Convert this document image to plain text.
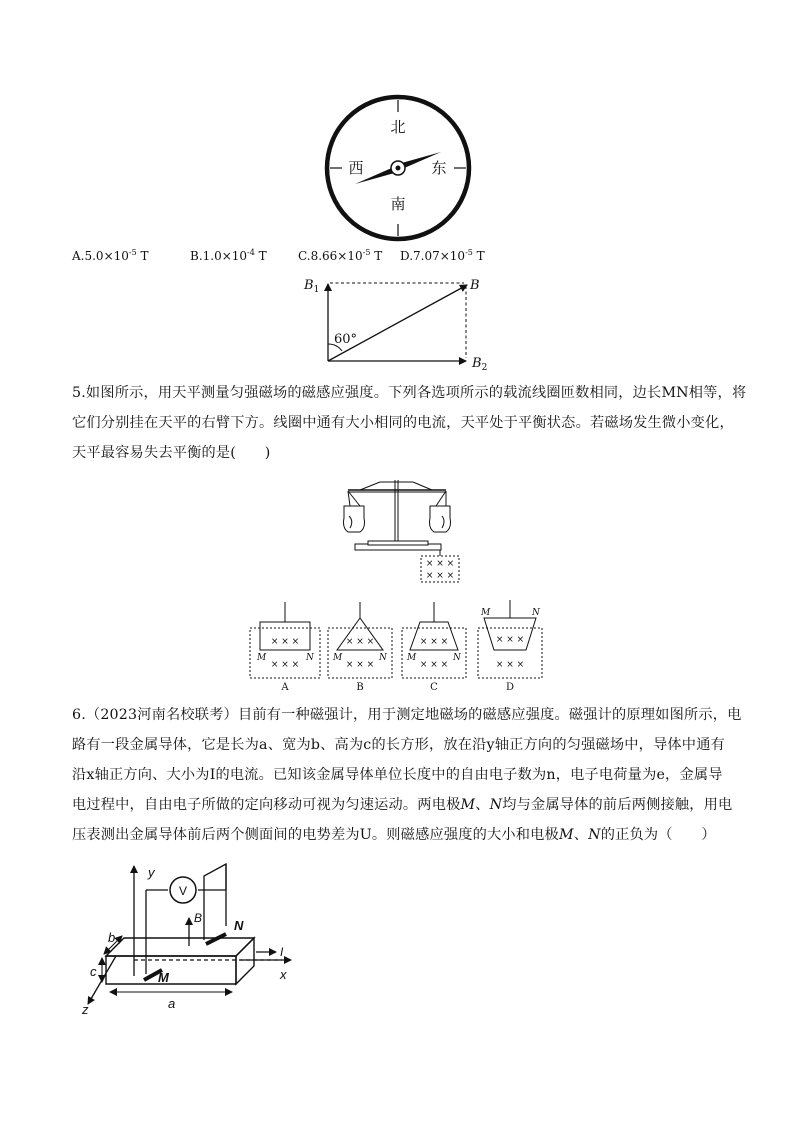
北
南
西	东
$A.5.0\times 10^{-5}$ T	$B.1.0\times 10^{-4}$ T	$C.8.66\times 10^{-5}$ T $D.7.07\times 10^{-5}$ T
$B_1$	B
$B_2$
60°
5.如图所示，用天平测量匀强磁场的磁感应强度。下列各选项所示的载流线圈匝数相同，边长MN相等，将
它们分别挂在天平的右臂下方。线圈中通有大小相同的电流，天平处于平衡状态。若磁场发生微小变化，
天平最容易失去平衡的是(　　)
× × ×
× × ×
× × ×
× × ×
M	N
A
× × ×
× × ×
M	N
B
× × ×
× × ×
M	N
C
× × ×
× × ×
M	N
D
6.（2023河南名校联考）目前有一种磁强计，用于测定地磁场的磁感应强度。磁强计的原理如图所示，电
路有一段金属导体，它是长为a、宽为b、高为c的长方形，放在沿y轴正方向的匀强磁场中，导体中通有
沿x轴正方向、大小为I的电流。已知该金属导体单位长度中的自由电子数为n，电子电荷量为e，金属导
电过程中，自由电子所做的定向移动可视为匀速运动。两电极M、N均与金属导体的前后两侧接触，用电
压表测出金属导体前后两个侧面间的电势差为U。则磁感应强度的大小和电极M、N的正负为（　　）
y
x
z
V
N
M
B
I
a
c
b
